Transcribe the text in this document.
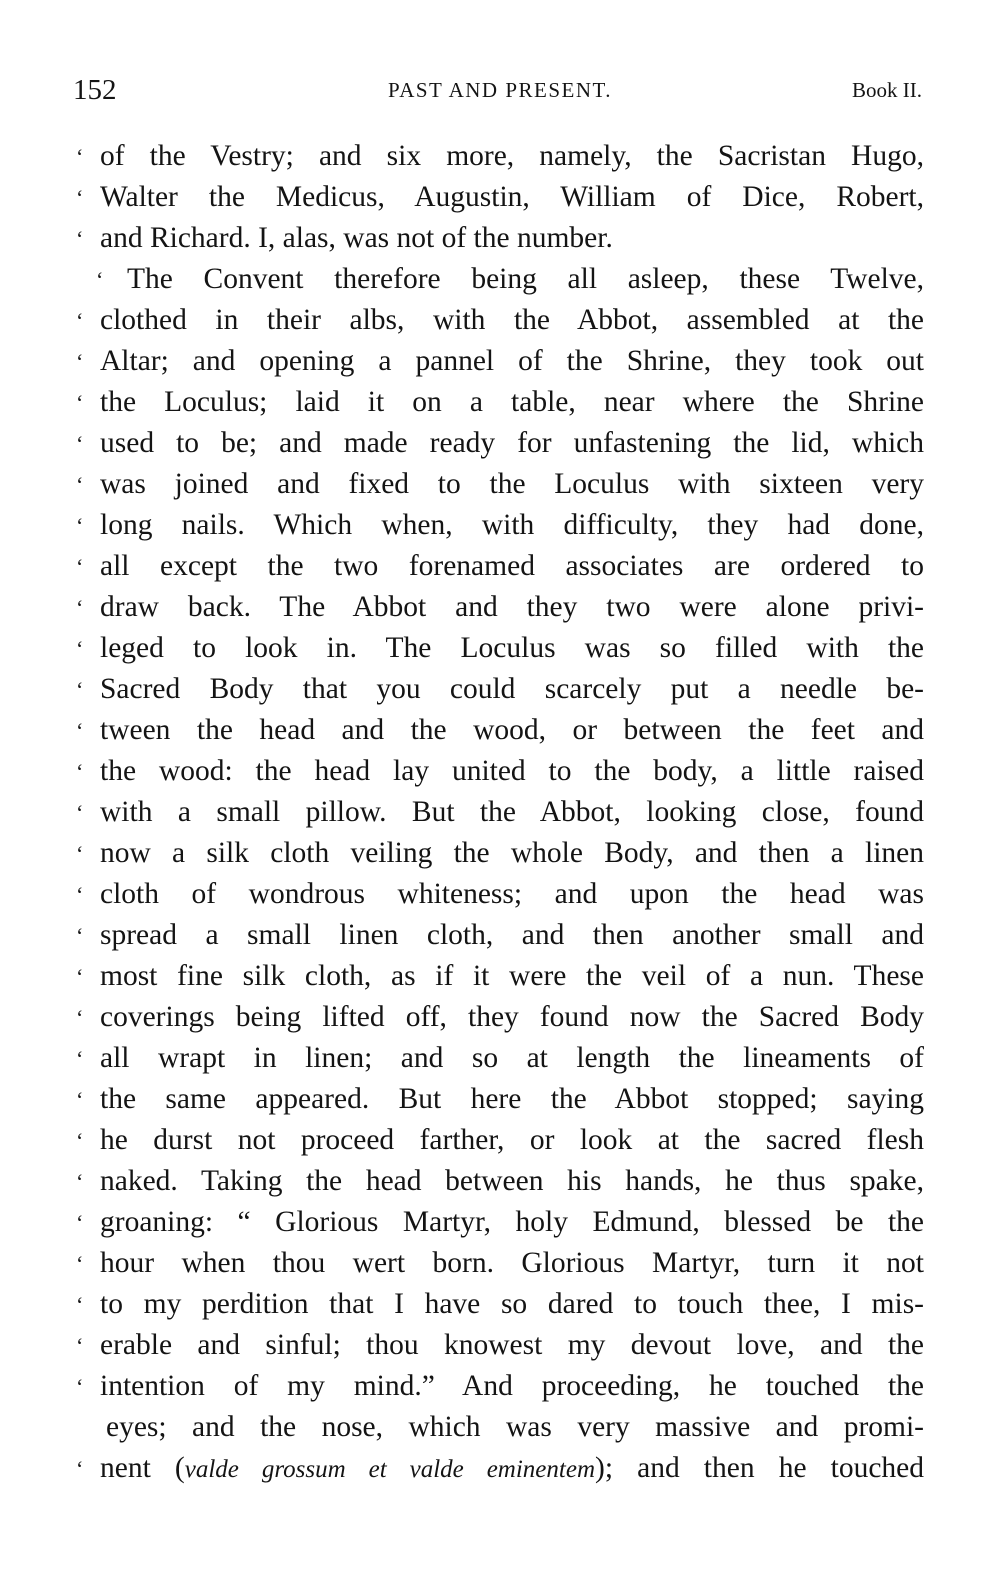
152	PAST AND PRESENT.	Book II.
‘ of the Vestry; and six more, namely, the Sacristan Hugo,
‘ Walter the Medicus, Augustin, William of Dice, Robert,
‘ and Richard. I, alas, was not of the number.
‘ The Convent therefore being all asleep, these Twelve,
‘ clothed in their albs, with the Abbot, assembled at the
‘ Altar; and opening a pannel of the Shrine, they took out
‘ the Loculus; laid it on a table, near where the Shrine
‘ used to be; and made ready for unfastening the lid, which
‘ was joined and fixed to the Loculus with sixteen very
‘ long nails. Which when, with difficulty, they had done,
‘ all except the two forenamed associates are ordered to
‘ draw back. The Abbot and they two were alone privi-
‘ leged to look in. The Loculus was so filled with the
‘ Sacred Body that you could scarcely put a needle be-
‘ tween the head and the wood, or between the feet and
‘ the wood: the head lay united to the body, a little raised
‘ with a small pillow. But the Abbot, looking close, found
‘ now a silk cloth veiling the whole Body, and then a linen
‘ cloth of wondrous whiteness; and upon the head was
‘ spread a small linen cloth, and then another small and
‘ most fine silk cloth, as if it were the veil of a nun. These
‘ coverings being lifted off, they found now the Sacred Body
‘ all wrapt in linen; and so at length the lineaments of
‘ the same appeared. But here the Abbot stopped; saying
‘ he durst not proceed farther, or look at the sacred flesh
‘ naked. Taking the head between his hands, he thus spake,
‘ groaning: “ Glorious Martyr, holy Edmund, blessed be the
‘ hour when thou wert born. Glorious Martyr, turn it not
‘ to my perdition that I have so dared to touch thee, I mis-
‘ erable and sinful; thou knowest my devout love, and the
‘ intention of my mind.” And proceeding, he touched the
eyes; and the nose, which was very massive and promi-
‘ nent (valde grossum et valde eminentem); and then he touched
